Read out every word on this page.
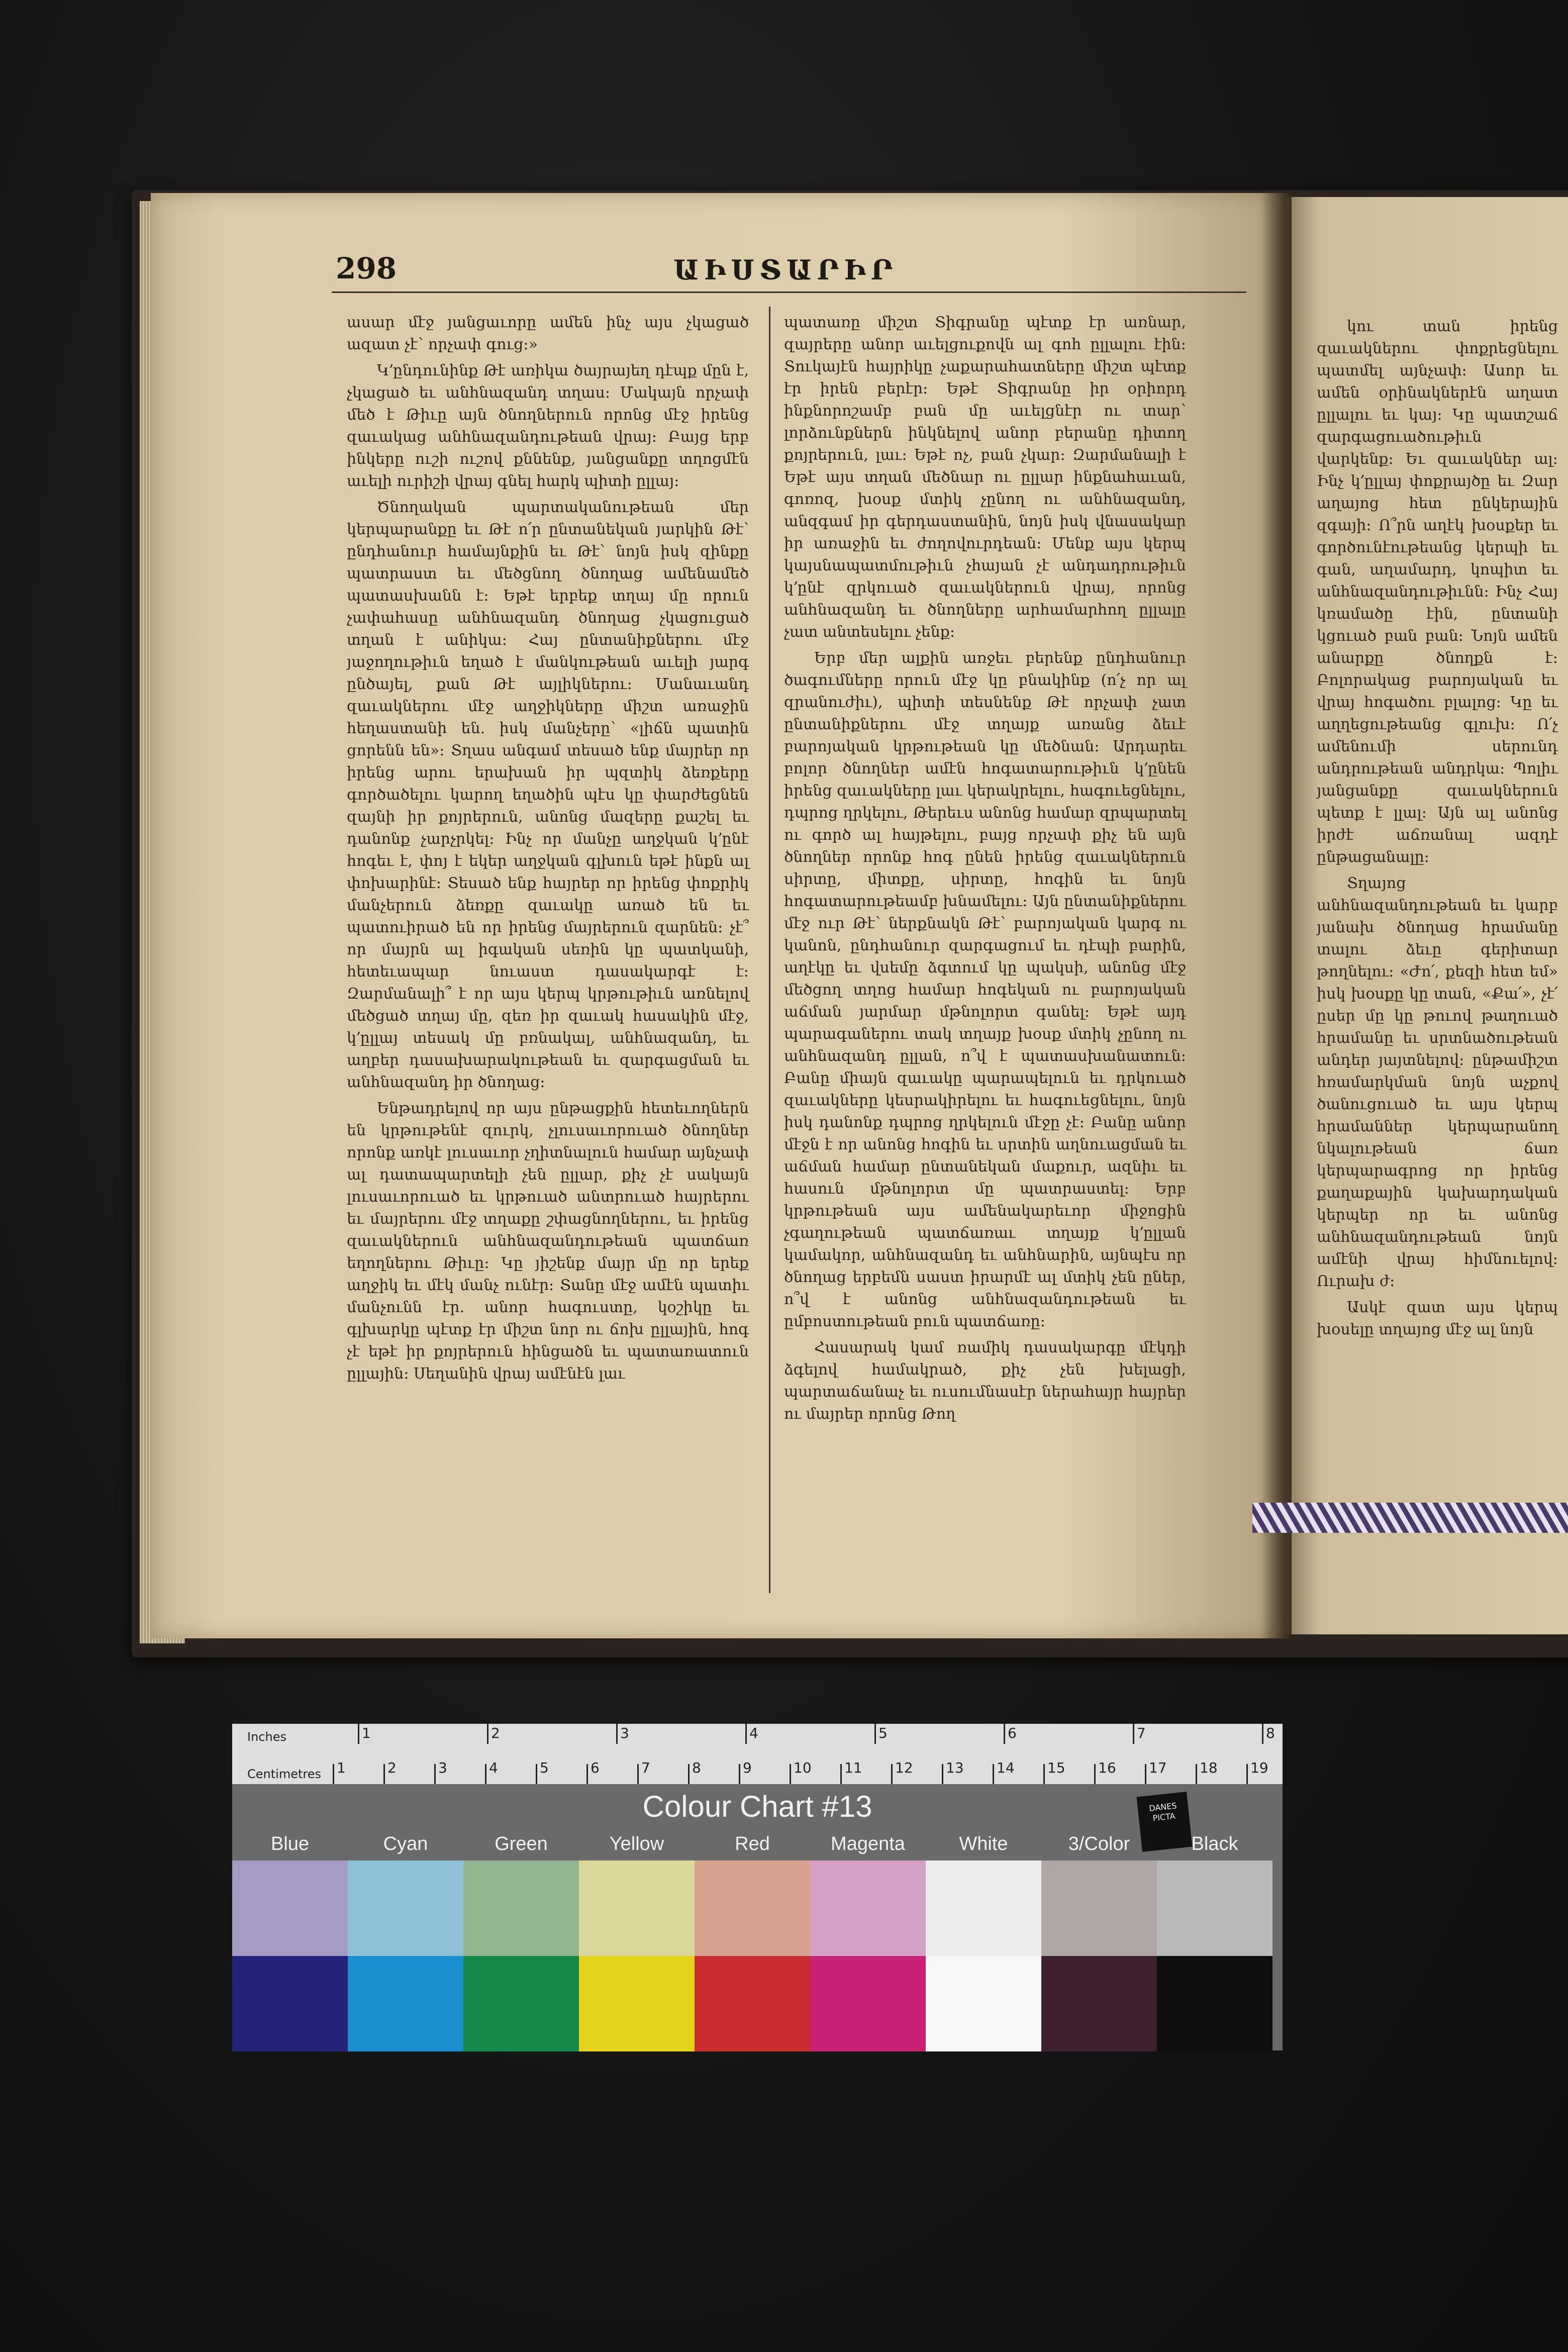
կու տան իրենց զաւակներու փոքրեցնելու պատմել այնչափ։ Ասոր եւ ամեն օրինակներէն աղատ ըլլալու եւ կայ։ Կը պատշաճ զարգացուածութիւն վարկենք։ Եւ զաւակներ ալ։ Ինչ կ՚ըլլայ փոքրայծը եւ Զար աղայոց հետ ընկերային զգայի։ Ո՞րն աղէկ խօսքեր եւ գործունէութեանց կերպի եւ գան, աղամարդ, կոպիտ եւ անհնազանդութիւնն։ Ինչ Հայ կռամածը էին, ընտանի կցուած բան բան։ Նոյն ամեն անարքը ծնողքն է։ Բոլորակաց բարոյական եւ վրայ հոգածու բլալոց։ Կը եւ աղղեցութեանց գլուխ։ Ո՛չ ամենումի սերունդ անդրութեան անդրկա։ Պոլիւ յանցանքը զաւակներուն պետք է լլալ։ Այն ալ անոնց իրժէ աճռանալ ազդէ ընթացանալը։

Տղայոց անհնազանդութեան եւ կարբ յանախ ծնողաց հրամանը տալու ձեւը գերիտար թողնելու։ «Ժո՛, քեզի հետ եմ» իսկ խօսքը կը տան, «Քա՛», չէ՛ ըսեր մը կը թուով թաղուած հրամանը եւ սրտնածութեան անդեր յայտնելով։ ընթամիշտ հռամարկման նոյն աչքով ծանուցուած եւ այս կերպ հրամաններ կերպարանող նկալութեան ճառ կերպարագրոց որ իրենց քաղաքային կախարդական կերպեր որ եւ անոնց անհնազանդութեան նոյն ամէնի վրայ հիմնուելով։ Ուրախ ժ։

Ասկէ զատ այս կերպ խօսելը տղայոց մէջ ալ նոյն

298	ԱԻՍՏԱՐԻՐ

ասար մէջ յանցաւորը ամեն ինչ այս չկացած ազատ չէ՝ որչափ գուց։»

Կ՚ընդունինք Թէ առիկա ծայրայեղ դէպք մըն է, չկացած եւ անհնազանդ տղաս։ Մակայն որչափ մեծ է Թիւը այն ծնողներուն որոնց մէջ իրենց զաւակաց անհնազանդութեան վրայ։ Բայց երբ ինկերը ուշի ուշով քննենք, յանցանքը տղոցմէն աւելի ուրիշի վրայ գնել հարկ պիտի ըլլայ։

Ծնողական պարտականութեան մեր կերպարանքը եւ Թէ ո՛ր ընտանեկան յարկին Թէ՝ ընդհանուր համայնքին եւ Թէ՝ նոյն իսկ զինքը պատրաստ եւ մեծցնող ծնողաց ամենամեծ պատասխանն է։ Եթէ երբեք տղայ մը որուն չափահասը անհնազանդ ծնողաց չկացուցած տղան է անիկա։ Հայ ընտանիքներու մէջ յաջողութիւն եղած է մանկութեան աւելի յարգ ընծայել, քան Թէ այլիկներու։ Մանաւանդ զաւակներու մէջ աղջիկները միշտ առաջին հեղաստանի են. իսկ մանչերը՝ «լիճն պատին ցորենն են»։ Տղաս անգամ տեսած ենք մայրեր որ իրենց արու երախան իր պզտիկ ձեռքերը գործածելու կարող եղածին պէս կը փարժեցնեն զայնի իր քոյրերուն, անոնց մազերը քաշել եւ դանոնք չարչրկել։ Ինչ որ մանչը աղջկան կ՚ընէ հոգեւ է, փոյ է եկեր աղջկան գլխուն եթէ ինքն ալ փոխարինէ։ Տեսած ենք հայրեր որ իրենց փոքրիկ մանչերուն ձեռքը զաւակը առած են եւ պատուիրած են որ իրենց մայրերուն զարնեն։ չէ՞ որ մայրն ալ իգական սեռին կը պատկանի, հետեւապար նուաստ դասակարգէ է։ Զարմանալի՞ է որ այս կերպ կրթութիւն առնելով մեծցած տղայ մը, զեռ իր զաւակ հասակին մէջ, կ՚ըլլայ տեսակ մը բռնակալ, անհնազանդ, եւ աղբեր դասախարակութեան եւ զարգացման եւ անհնազանդ իր ծնողաց։

Ենթադրելով որ այս ընթացքին հետեւողներն են կրթութենէ զուրկ, չլուսաւորուած ծնողներ որոնք առկէ լուսաւոր չղիտնալուն համար այնչափ ալ դատապարտելի չեն ըլլար, քիչ չէ սակայն լուսաւորուած եւ կրթուած անտրուած հայրերու եւ մայրերու մէջ տղաքը շփացնողներու, եւ իրենց զաւակներուն անհնազանդութեան պատճառ եղողներու Թիւը։ Կը յիշենք մայր մը որ երեք աղջիկ եւ մէկ մանչ ունէր։ Տանը մէջ ամէն պատիւ մանչունն էր. անոր հագուստը, կօշիկը եւ գլխարկը պէտք էր միշտ նոր ու ճոխ ըլլային, հոգ չէ եթէ իր քոյրերուն հինցածն եւ պատառատուն ըլլային։ Սեղանին վրայ ամէնէն լաւ

պատառը միշտ Տիգրանը պէտք էր առնար, զայրերը անոր աւելցուքովն ալ գոհ ըլլալու էին։ Տուկայէն հայրիկը չաքարահատները միշտ պէտք էր իրեն բերէր։ Եթէ Տիգրանը իր օրիորդ ինքնորոշամբ բան մը աւելցնէր ու տար՝ լորձունքներն ինկնելով անոր բերանը դիտող քոյրերուն, լաւ։ Եթէ ոչ, բան չկար։ Զարմանալի է Եթէ այս տղան մեծնար ու ըլլար ինքնահաւան, գոռոզ, խօսք մտիկ չընող ու անհնազանդ, անզգամ իր գերդաստանին, նոյն իսկ վնասակար իր առաջին եւ ժողովուրդեան։ Մենք այս կերպ կայսնապատմութիւն չհայան չէ անդադրութիւն կ՚ընէ զրկուած զաւակներուն վրայ, որոնց անհնազանդ եւ ծնողները արհամարհող ըլլալը չատ անտեսելու չենք։

Երբ մեր ալքին առջեւ բերենք ընդհանուր ծագումները որուն մէջ կը բնակինք (ո՛չ որ ալ զրանուժիւ), պիտի տեսնենք Թէ որչափ չատ ընտանիքներու մէջ տղայք առանց ձեւէ բարոյական կրթութեան կը մեծնան։ Արդարեւ բոլոր ծնողներ ամէն հոգատարութիւն կ՚ընեն իրենց զաւակները լաւ կերակրելու, հագուեցնելու, դպրոց ղրկելու, Թերեւս անոնց համար զրպարտել ու գործ ալ հայթելու, բայց որչափ քիչ են այն ծնողներ որոնք հոգ ընեն իրենց զաւակներուն սիրտը, միտքը, սիրտը, հոգին եւ նոյն հոգատարութեամբ խնամելու։ Այն ընտանիքներու մէջ ուր Թէ՝ ներքնակն Թէ՝ բարոյական կարգ ու կանոն, ընդհանուր զարգացում եւ դէպի բարին, աղէկը եւ վսեմը ձգտում կը պակսի, անոնց մէջ մեծցող տղոց համար հոգեկան ու բարոյական աճման յարմար մթնոլորտ գանել։ Եթէ այդ պարագաներու տակ տղայք խօսք մտիկ չընող ու անհնազանդ ըլլան, ո՞վ է պատասխանատուն։ Բանը միայն զաւակը պարապելուն եւ դրկուած զաւակները կեսրակիրելու եւ հագուեցնելու, նոյն իսկ դանոնք դպրոց ղրկելուն մէջը չէ։ Բանը անոր մէջն է որ անոնց հոգին եւ սրտին աղնուացման եւ աճման համար ընտանեկան մաքուր, ազնիւ եւ հասուն մթնոլորտ մը պատրաստել։ Երբ կրթութեան այս ամենակարեւոր միջոցին չգաղութեան պատճառաւ տղայք կ՚ըլլան կամակոր, անհնազանդ եւ անհնարին, այնպէս որ ծնողաց երբեմն սաստ իրարմէ ալ մտիկ չեն ըներ, ո՞վ է անոնց անհնազանդութեան եւ ըմբոստութեան բուն պատճառը։

Հասարակ կամ ռամիկ դասակարգը մէկդի ձգելով համակրած, քիչ չեն խելացի, պարտաճանաչ եւ ուսումնասէր ներահայր հայրեր ու մայրեր որոնց Թող

Inches
Centimetres
1	2	3	4	5	6	7	8
1	2	3	4	5	6	7	8	9	10 11 12 13 14 15 16 17 18 19
Colour Chart #13	DANES PICTA
Blue	Cyan	Green	Yellow	Red	Magenta	White	3/Color	Black
